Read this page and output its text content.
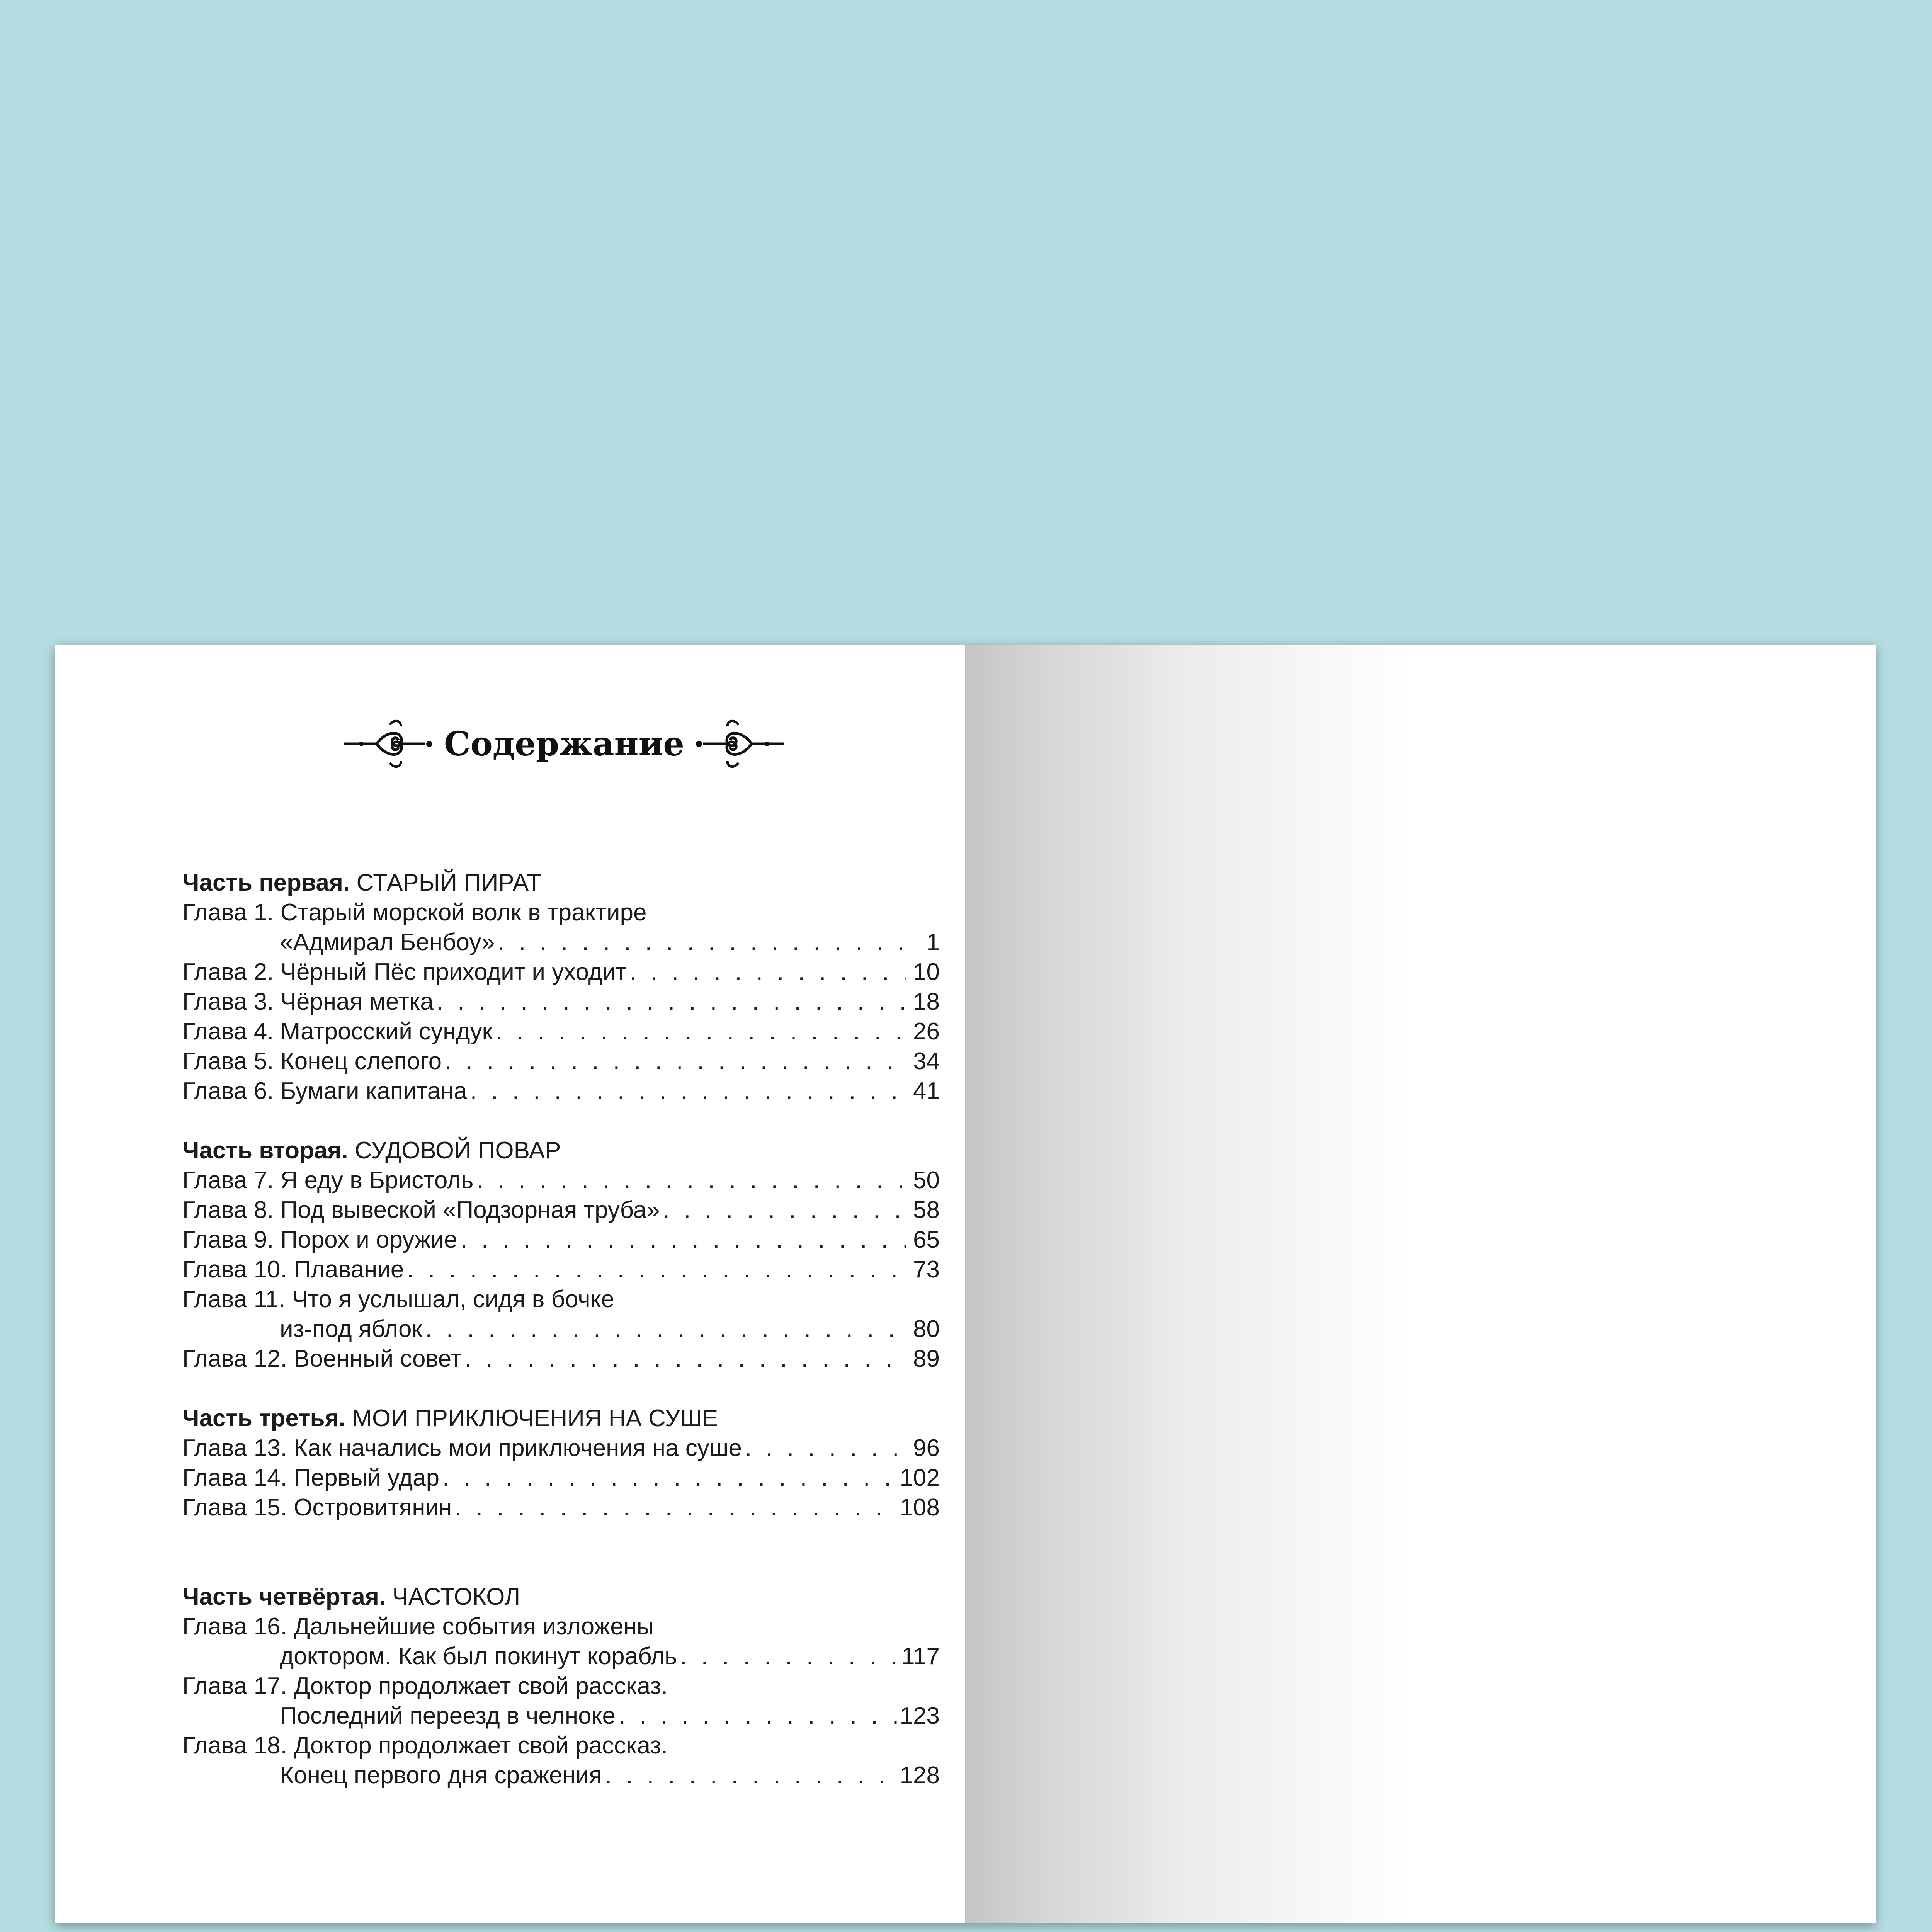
Содержание
Часть первая. СТАРЫЙ ПИРАТ
Глава 1. Старый морской волк в трактире
«Адмирал Бенбоу» . . .	1
Глава 2. Чёрный Пёс приходит и уходит . . .	10
Глава 3. Чёрная метка . . .	18
Глава 4. Матросский сундук . . .	26
Глава 5. Конец слепого . . .	34
Глава 6. Бумаги капитана . . .	41
Часть вторая. СУДОВОЙ ПОВАР
Глава 7. Я еду в Бристоль . . .	50
Глава 8. Под вывеской «Подзорная труба» . . .	58
Глава 9. Порох и оружие . . .	65
Глава 10. Плавание . . .	73
Глава 11. Что я услышал, сидя в бочке
из-под яблок . . .	80
Глава 12. Военный совет . . .	89
Часть третья. МОИ ПРИКЛЮЧЕНИЯ НА СУШЕ
Глава 13. Как начались мои приключения на суше . . .	96
Глава 14. Первый удар . . .	102
Глава 15. Островитянин . . .	108
Часть четвёртая. ЧАСТОКОЛ
Глава 16. Дальнейшие события изложены
доктором. Как был покинут корабль . . .	117
Глава 17. Доктор продолжает свой рассказ.
Последний переезд в челноке . . .	123
Глава 18. Доктор продолжает свой рассказ.
Конец первого дня сражения . . .	128
